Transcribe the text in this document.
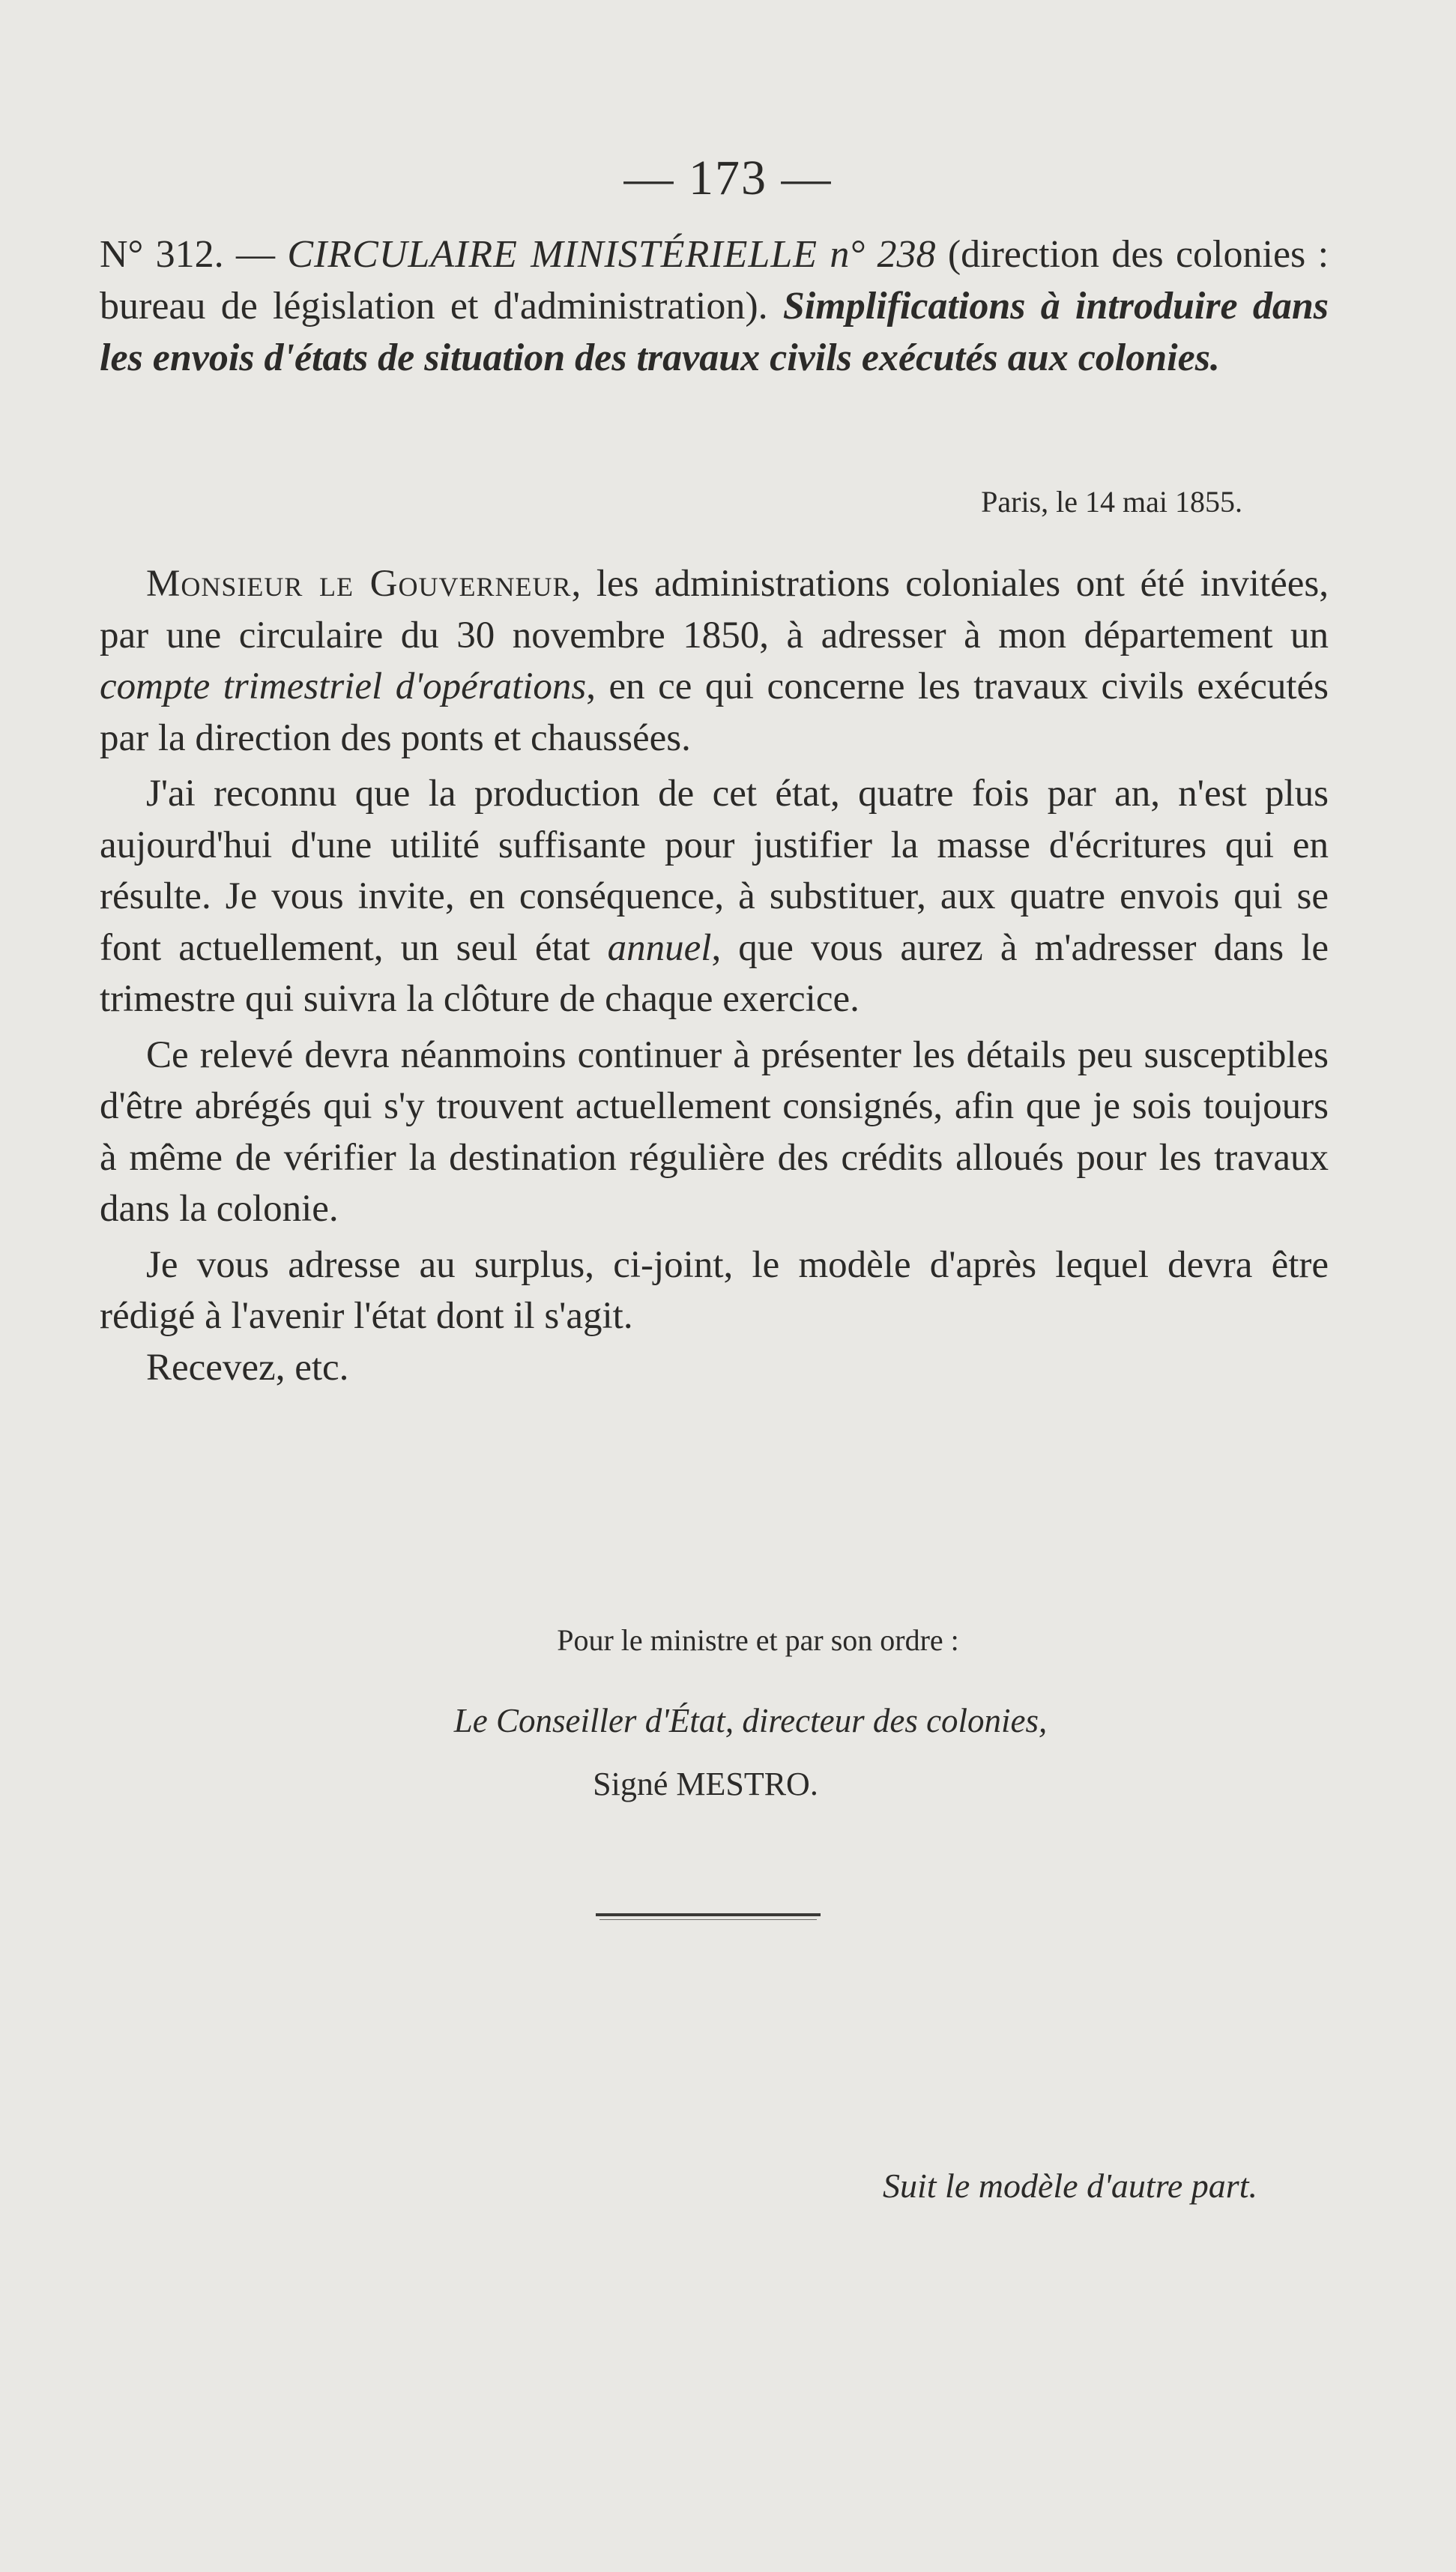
— 173 —
N° 312. — CIRCULAIRE MINISTÉRIELLE n° 238 (direction des colonies : bureau de législation et d'administration). Simplifications à introduire dans les envois d'états de situation des travaux civils exécutés aux colonies.
Paris, le 14 mai 1855.

Monsieur le Gouverneur, les administrations coloniales ont été invitées, par une circulaire du 30 novembre 1850, à adresser à mon département un compte trimestriel d'opérations, en ce qui concerne les travaux civils exécutés par la direction des ponts et chaussées.

J'ai reconnu que la production de cet état, quatre fois par an, n'est plus aujourd'hui d'une utilité suffisante pour justifier la masse d'écritures qui en résulte. Je vous invite, en conséquence, à substituer, aux quatre envois qui se font actuellement, un seul état annuel, que vous aurez à m'adresser dans le trimestre qui suivra la clôture de chaque exercice.

Ce relevé devra néanmoins continuer à présenter les détails peu susceptibles d'être abrégés qui s'y trouvent actuellement consignés, afin que je sois toujours à même de vérifier la destination régulière des crédits alloués pour les travaux dans la colonie.

Je vous adresse au surplus, ci-joint, le modèle d'après lequel devra être rédigé à l'avenir l'état dont il s'agit.

Recevez, etc.

Pour le ministre et par son ordre :
Le Conseiller d'État, directeur des colonies,
Signé MESTRO.
Suit le modèle d'autre part.
